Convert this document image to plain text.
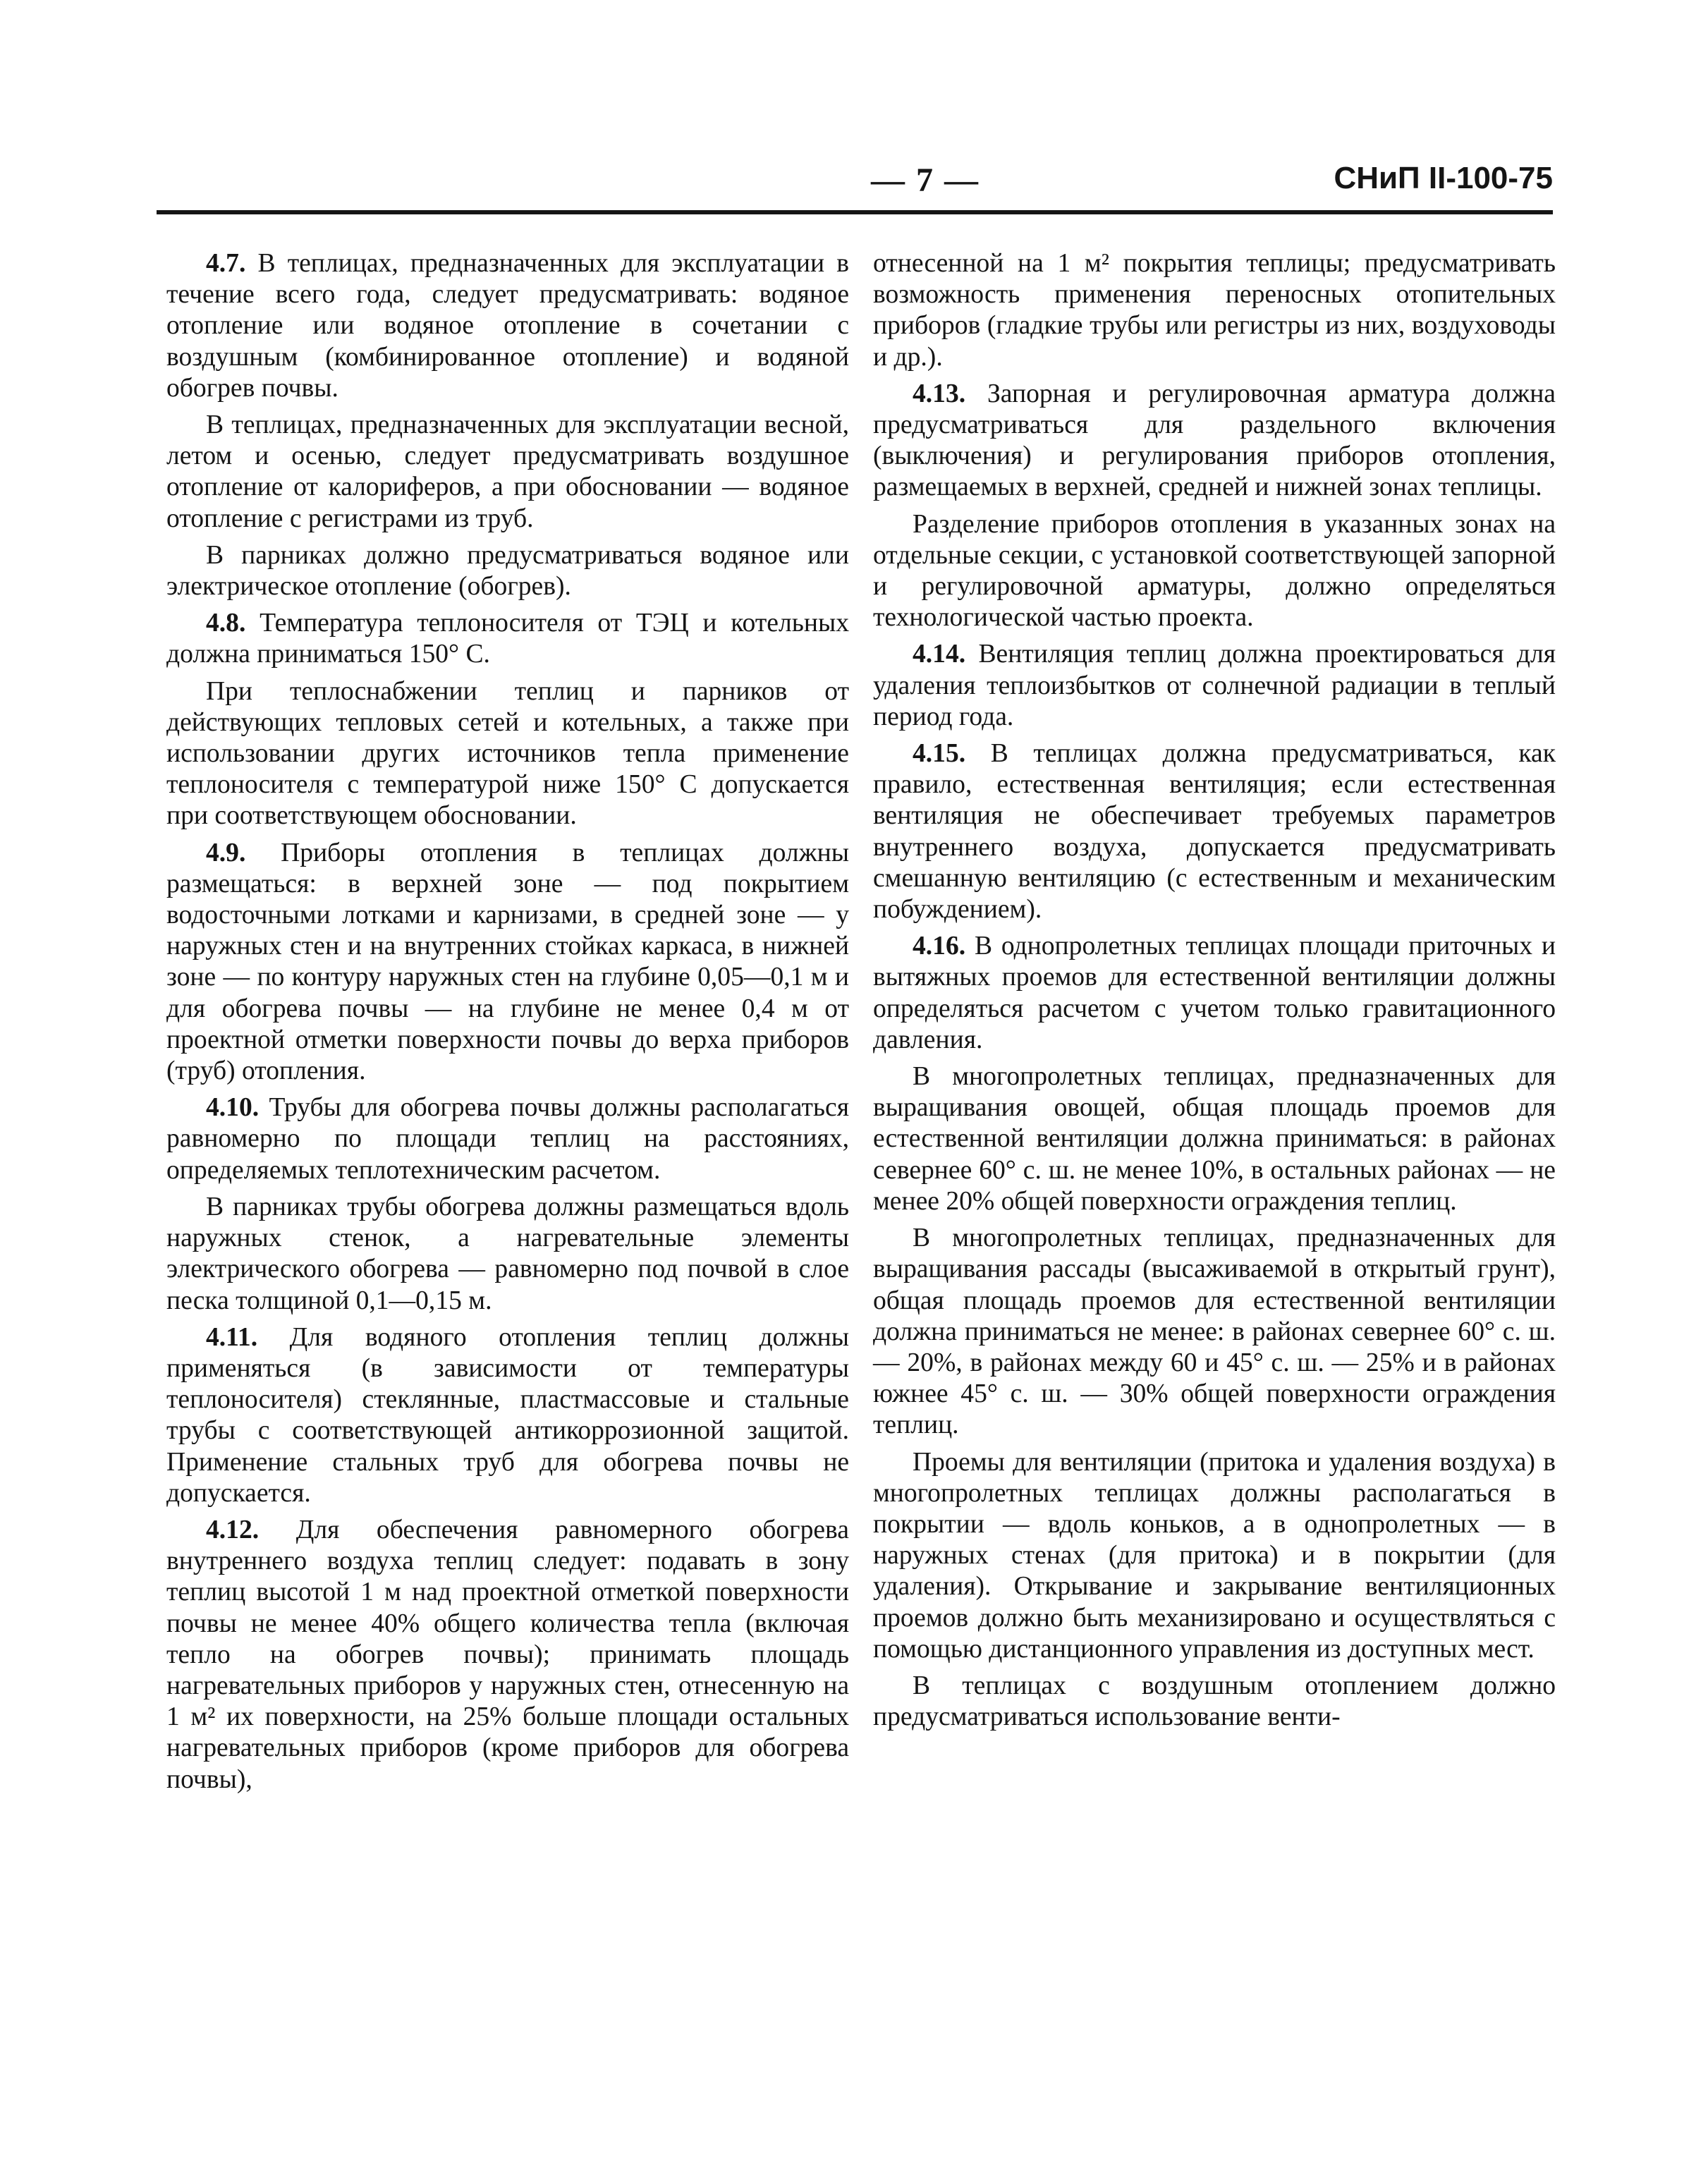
— 7 —	СНиП II-100-75

4.7. В теплицах, предназначенных для эксплуатации в течение всего года, следует предусматривать: водяное отопление или водяное отопление в сочетании с воздушным (комбинированное отопление) и водяной обогрев почвы.

В теплицах, предназначенных для эксплуатации весной, летом и осенью, следует предусматривать воздушное отопление от калориферов, а при обосновании — водяное отопление с регистрами из труб.

В парниках должно предусматриваться водяное или электрическое отопление (обогрев).

4.8. Температура теплоносителя от ТЭЦ и котельных должна приниматься 150° С.

При теплоснабжении теплиц и парников от действующих тепловых сетей и котельных, а также при использовании других источников тепла применение теплоносителя с температурой ниже 150° С допускается при соответствующем обосновании.

4.9. Приборы отопления в теплицах должны размещаться: в верхней зоне — под покрытием водосточными лотками и карнизами, в средней зоне — у наружных стен и на внутренних стойках каркаса, в нижней зоне — по контуру наружных стен на глубине 0,05—0,1 м и для обогрева почвы — на глубине не менее 0,4 м от проектной отметки поверхности почвы до верха приборов (труб) отопления.

4.10. Трубы для обогрева почвы должны располагаться равномерно по площади теплиц на расстояниях, определяемых теплотехническим расчетом.

В парниках трубы обогрева должны размещаться вдоль наружных стенок, а нагревательные элементы электрического обогрева — равномерно под почвой в слое песка толщиной 0,1—0,15 м.

4.11. Для водяного отопления теплиц должны применяться (в зависимости от температуры теплоносителя) стеклянные, пластмассовые и стальные трубы с соответствующей антикоррозионной защитой. Применение стальных труб для обогрева почвы не допускается.

4.12. Для обеспечения равномерного обогрева внутреннего воздуха теплиц следует: подавать в зону теплиц высотой 1 м над проектной отметкой поверхности почвы не менее 40% общего количества тепла (включая тепло на обогрев почвы); принимать площадь нагревательных приборов у наружных стен, отнесенную на 1 м² их поверхности, на 25% больше площади остальных нагревательных приборов (кроме приборов для обогрева почвы),

отнесенной на 1 м² покрытия теплицы; предусматривать возможность применения переносных отопительных приборов (гладкие трубы или регистры из них, воздуховоды и др.).

4.13. Запорная и регулировочная арматура должна предусматриваться для раздельного включения (выключения) и регулирования приборов отопления, размещаемых в верхней, средней и нижней зонах теплицы.

Разделение приборов отопления в указанных зонах на отдельные секции, с установкой соответствующей запорной и регулировочной арматуры, должно определяться технологической частью проекта.

4.14. Вентиляция теплиц должна проектироваться для удаления теплоизбытков от солнечной радиации в теплый период года.

4.15. В теплицах должна предусматриваться, как правило, естественная вентиляция; если естественная вентиляция не обеспечивает требуемых параметров внутреннего воздуха, допускается предусматривать смешанную вентиляцию (с естественным и механическим побуждением).

4.16. В однопролетных теплицах площади приточных и вытяжных проемов для естественной вентиляции должны определяться расчетом с учетом только гравитационного давления.

В многопролетных теплицах, предназначенных для выращивания овощей, общая площадь проемов для естественной вентиляции должна приниматься: в районах севернее 60° с. ш. не менее 10%, в остальных районах — не менее 20% общей поверхности ограждения теплиц.

В многопролетных теплицах, предназначенных для выращивания рассады (высаживаемой в открытый грунт), общая площадь проемов для естественной вентиляции должна приниматься не менее: в районах севернее 60° с. ш. — 20%, в районах между 60 и 45° с. ш. — 25% и в районах южнее 45° с. ш. — 30% общей поверхности ограждения теплиц.

Проемы для вентиляции (притока и удаления воздуха) в многопролетных теплицах должны располагаться в покрытии — вдоль коньков, а в однопролетных — в наружных стенах (для притока) и в покрытии (для удаления). Открывание и закрывание вентиляционных проемов должно быть механизировано и осуществляться с помощью дистанционного управления из доступных мест.

В теплицах с воздушным отоплением должно предусматриваться использование венти-
